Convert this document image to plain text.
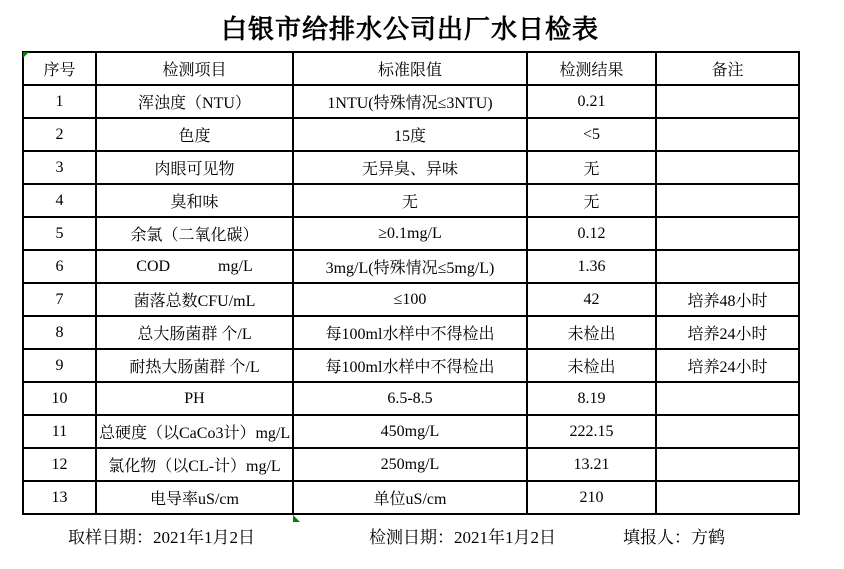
白银市给排水公司出厂水日检表
序号	检测项目	标准限值	检测结果	备注
1	浑浊度（NTU）	1NTU(特殊情况≤3NTU)	0.21	
2	色度	15度	<5	
3	肉眼可见物	无异臭、异味	无	
4	臭和味	无	无	
5	余氯（二氧化碳）	≥0.1mg/L	0.12	
6	COD            mg/L	3mg/L(特殊情况≤5mg/L)	1.36	
7	菌落总数CFU/mL	≤100	42	培养48小时
8	总大肠菌群 个/L	每100ml水样中不得检出	未检出	培养24小时
9	耐热大肠菌群 个/L	每100ml水样中不得检出	未检出	培养24小时
10	PH	6.5-8.5	8.19	
11	总硬度（以CaCo3计）mg/L	450mg/L	222.15	
12	氯化物（以CL-计）mg/L	250mg/L	13.21	
13	电导率uS/cm	单位uS/cm	210	
取样日期：2021年1月2日	检测日期：2021年1月2日	填报人：方鹤
